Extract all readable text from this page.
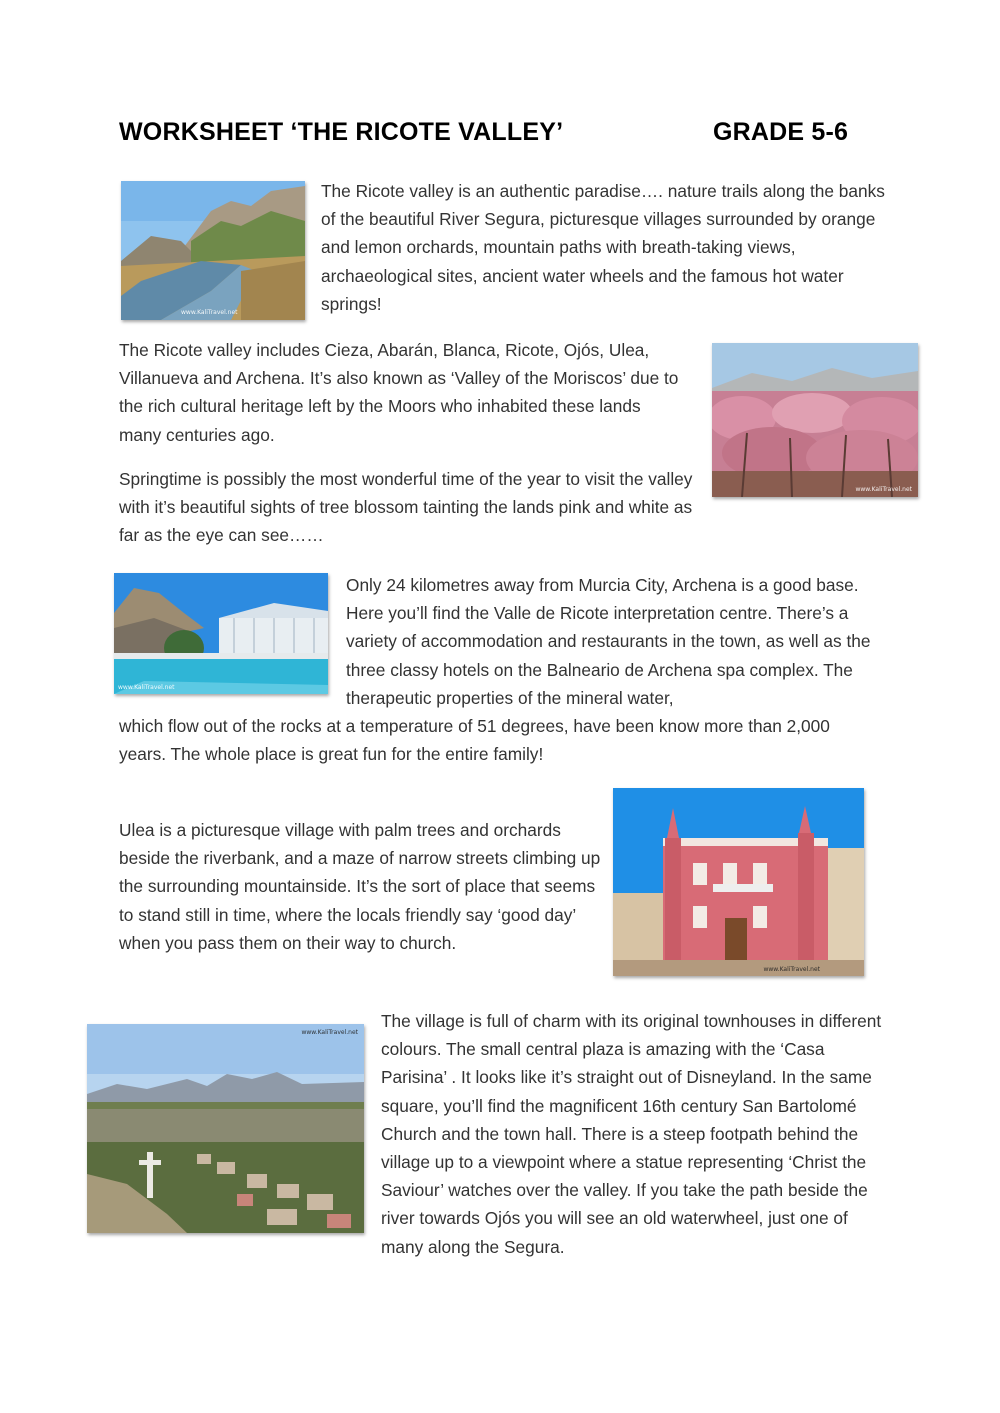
WORKSHEET ‘THE RICOTE VALLEY’	GRADE 5-6
www.KaliTravel.net

The Ricote valley is an authentic paradise…. nature trails along the banks of the beautiful River Segura, picturesque villages surrounded by orange and lemon orchards, mountain paths with breath-taking views, archaeological sites, ancient water wheels and the famous hot water springs!

www.KaliTravel.net

The Ricote valley includes Cieza, Abarán, Blanca, Ricote, Ojós, Ulea, Villanueva and Archena. It’s also known as ‘Valley of the Moriscos’ due to the rich cultural heritage left by the Moors who inhabited these lands many centuries ago.

Springtime is possibly the most wonderful time of the year to visit the valley with it’s beautiful sights of tree blossom tainting the lands pink and white as far as the eye can see……

www.KaliTravel.net

Only 24 kilometres away from Murcia City, Archena is a good base. Here you’ll find the Valle de Ricote interpretation centre. There’s a variety of accommodation and restaurants in the town, as well as the three classy hotels on the Balneario de Archena spa complex. The therapeutic properties of the mineral water,

which flow out of the rocks at a temperature of 51 degrees, have been know more than 2,000 years. The whole place is great fun for the entire family!

www.KaliTravel.net

Ulea is a picturesque village with palm trees and orchards beside the riverbank, and a maze of narrow streets climbing up the surrounding mountainside. It’s the sort of place that seems to stand still in time, where the locals friendly say ‘good day’ when you pass them on their way to church.

www.KaliTravel.net

The village is full of charm with its original townhouses in different colours. The small central plaza is amazing with the ‘Casa Parisina’ . It looks like it’s straight out of Disneyland. In the same square, you’ll find the magnificent 16th century San Bartolomé Church and the town hall. There is a steep footpath behind the village up to a viewpoint where a statue representing ‘Christ the Saviour’ watches over the valley. If you take the path beside the river towards Ojós you will see an old waterwheel, just one of many along the Segura.
